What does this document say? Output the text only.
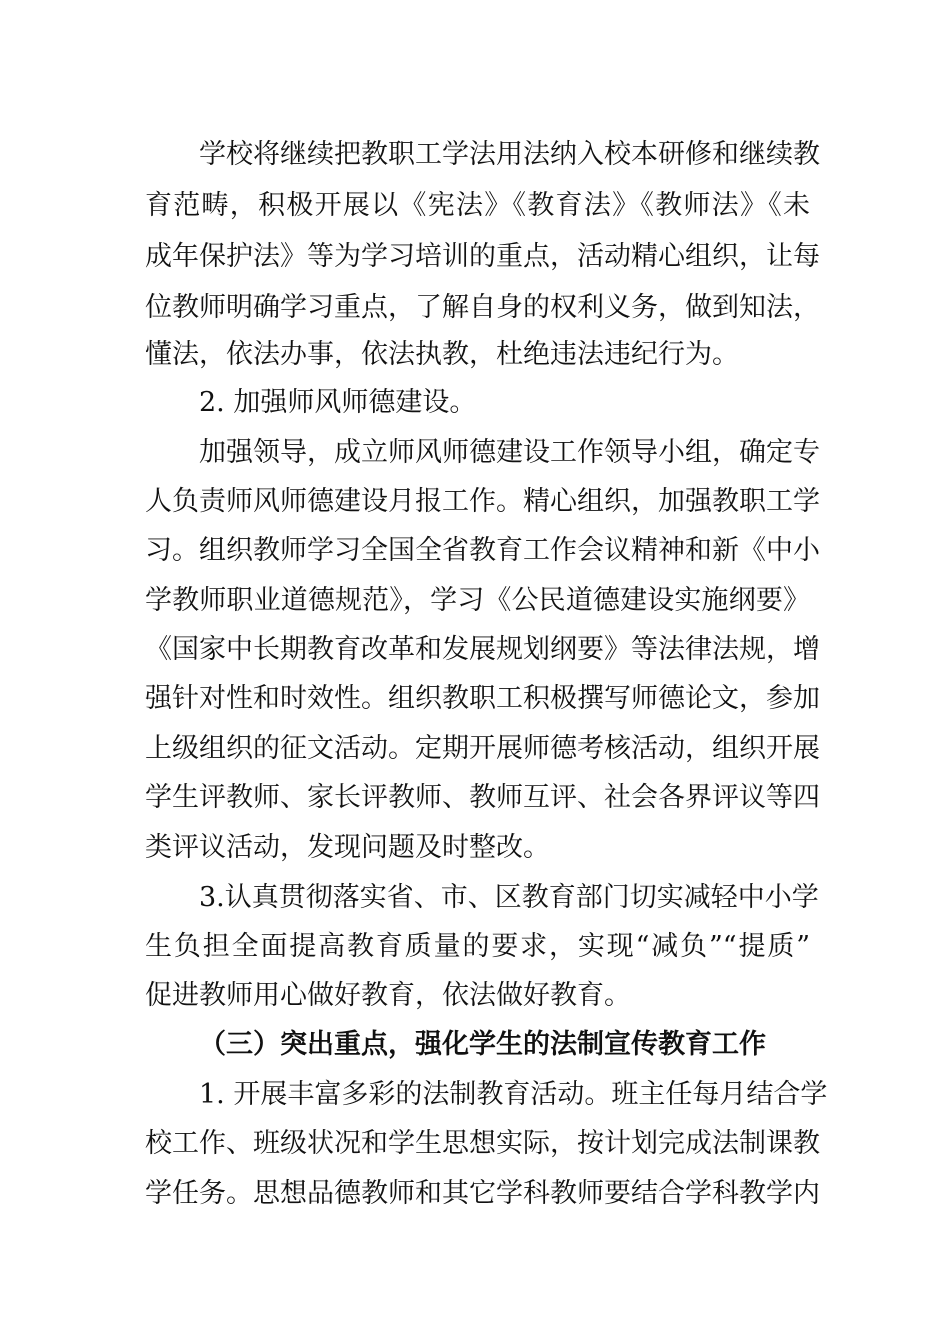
学校将继续把教职工学法用法纳入校本研修和继续教
育范畴，积极开展以《宪法》《教育法》《教师法》《未
成年保护法》等为学习培训的重点，活动精心组织，让每
位教师明确学习重点，了解自身的权利义务，做到知法，
懂法，依法办事，依法执教，杜绝违法违纪行为。
2. 加强师风师德建设。
加强领导，成立师风师德建设工作领导小组，确定专
人负责师风师德建设月报工作。精心组织，加强教职工学
习。组织教师学习全国全省教育工作会议精神和新《中小
学教师职业道德规范》，学习《公民道德建设实施纲要》
《国家中长期教育改革和发展规划纲要》等法律法规，增
强针对性和时效性。组织教职工积极撰写师德论文，参加
上级组织的征文活动。定期开展师德考核活动，组织开展
学生评教师、家长评教师、教师互评、社会各界评议等四
类评议活动，发现问题及时整改。
3.认真贯彻落实省、市、区教育部门切实减轻中小学
生负担全面提高教育质量的要求，实现“减负”“提质”
促进教师用心做好教育，依法做好教育。
（三）突出重点，强化学生的法制宣传教育工作
1. 开展丰富多彩的法制教育活动。班主任每月结合学
校工作、班级状况和学生思想实际，按计划完成法制课教
学任务。思想品德教师和其它学科教师要结合学科教学内
